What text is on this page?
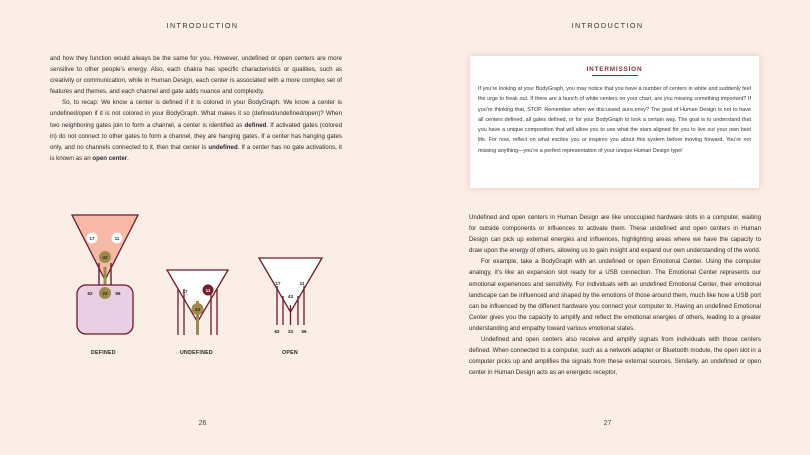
INTRODUCTION

and how they function would always be the same for you. However, undefined or open centers are more sensitive to other people’s energy. Also, each chakra has specific characteristics or qualities, such as creativity or communication, while in Human Design, each center is associated with a more complex set of features and themes, and each channel and gate adds nuance and complexity.

So, to recap: We know a center is defined if it is colored in your BodyGraph. We know a center is undefined/open if it is not colored in your BodyGraph. What makes it so (defined/undefined/open)? When two neighboring gates join to form a channel, a center is identified as defined. If activated gates (colored in) do not connect to other gates to form a channel, they are hanging gates. If a center has hanging gates only, and no channels connected to it, then that center is undefined. If a center has no gate activations, it is known as an open center.

17	11
43
23
62	56	17	11
43
17	11
43
62 23 56
DEFINED	UNDEFINED	OPEN
26
INTRODUCTION
27
INTERMISSION
If you’re looking at your BodyGraph, you may notice that you have a number of centers in white and suddenly feel the urge to freak out. If there are a bunch of white centers on your chart, are you missing something important? If you’re thinking that, STOP. Remember when we discussed aura envy? The goal of Human Design is not to have all centers defined, all gates defined, or for your BodyGraph to look a certain way. The goal is to understand that you have a unique composition that will allow you to use what the stars aligned for you to live out your own best life. For now, reflect on what excites you or inspires you about this system before moving forward. You’re not missing anything—you’re a perfect representation of your unique Human Design type!

Undefined and open centers in Human Design are like unoccupied hardware slots in a computer, waiting for outside components or influences to activate them. These undefined and open centers in Human Design can pick up external energies and influences, highlighting areas where we have the capacity to draw upon the energy of others, allowing us to gain insight and expand our own understanding of the world.

For example, take a BodyGraph with an undefined or open Emotional Center. Using the computer analogy, it’s like an expansion slot ready for a USB connection. The Emotional Center represents our emotional experiences and sensitivity. For individuals with an undefined Emotional Center, their emotional landscape can be influenced and shaped by the emotions of those around them, much like how a USB port can be influenced by the different hardware you connect your computer to. Having an undefined Emotional Center gives you the capacity to amplify and reflect the emotional energies of others, leading to a greater understanding and empathy toward various emotional states.

Undefined and open centers also receive and amplify signals from individuals with those centers defined. When connected to a computer, such as a network adapter or Bluetooth module, the open slot in a computer picks up and amplifies the signals from these external sources. Similarly, an undefined or open center in Human Design acts as an energetic receptor,
